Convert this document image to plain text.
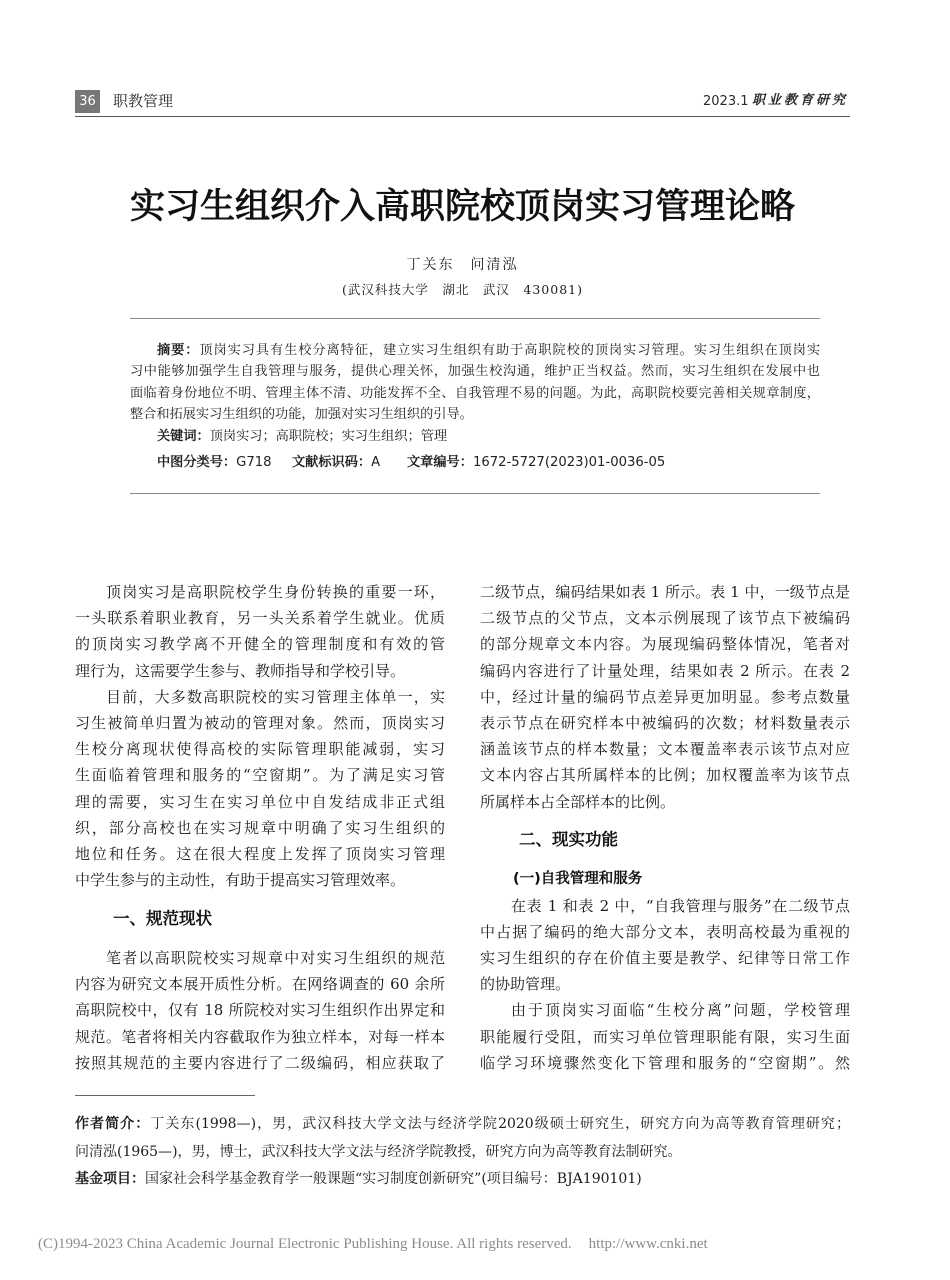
36 职教管理	2023.1 职业教育研究
实习生组织介入高职院校顶岗实习管理论略
丁关东　问清泓
(武汉科技大学　湖北　武汉　430081)
摘要：顶岗实习具有生校分离特征，建立实习生组织有助于高职院校的顶岗实习管理。实习生组织在顶岗实
习中能够加强学生自我管理与服务，提供心理关怀，加强生校沟通，维护正当权益。然而，实习生组织在发展中也
面临着身份地位不明、管理主体不清、功能发挥不全、自我管理不易的问题。为此，高职院校要完善相关规章制度，
整合和拓展实习生组织的功能，加强对实习生组织的引导。
关键词：顶岗实习；高职院校；实习生组织；管理
中图分类号：G718 文献标识码：A 文章编号：1672-5727(2023)01-0036-05
顶岗实习是高职院校学生身份转换的重要一环，
一头联系着职业教育，另一头关系着学生就业。优质
的顶岗实习教学离不开健全的管理制度和有效的管
理行为，这需要学生参与、教师指导和学校引导。
目前，大多数高职院校的实习管理主体单一，实
习生被简单归置为被动的管理对象。然而，顶岗实习
生校分离现状使得高校的实际管理职能减弱，实习
生面临着管理和服务的“空窗期”。为了满足实习管
理的需要，实习生在实习单位中自发结成非正式组
织，部分高校也在实习规章中明确了实习生组织的
地位和任务。这在很大程度上发挥了顶岗实习管理
中学生参与的主动性，有助于提高实习管理效率。
一、规范现状
笔者以高职院校实习规章中对实习生组织的规范
内容为研究文本展开质性分析。在网络调查的 60 余所
高职院校中，仅有 18 所院校对实习生组织作出界定和
规范。笔者将相关内容截取作为独立样本，对每一样本
按照其规范的主要内容进行了二级编码，相应获取了
二级节点，编码结果如表 1 所示。表 1 中，一级节点是
二级节点的父节点，文本示例展现了该节点下被编码
的部分规章文本内容。为展现编码整体情况，笔者对
编码内容进行了计量处理，结果如表 2 所示。在表 2
中，经过计量的编码节点差异更加明显。参考点数量
表示节点在研究样本中被编码的次数；材料数量表示
涵盖该节点的样本数量；文本覆盖率表示该节点对应
文本内容占其所属样本的比例；加权覆盖率为该节点
所属样本占全部样本的比例。
二、现实功能
(一)自我管理和服务
在表 1 和表 2 中，“自我管理与服务”在二级节点
中占据了编码的绝大部分文本，表明高校最为重视的
实习生组织的存在价值主要是教学、纪律等日常工作
的协助管理。
由于顶岗实习面临“生校分离”问题，学校管理
职能履行受阻，而实习单位管理职能有限，实习生面
临学习环境骤然变化下管理和服务的“空窗期”。然
作者简介：丁关东(1998—)，男，武汉科技大学文法与经济学院2020级硕士研究生，研究方向为高等教育管理研究；
问清泓(1965—)，男，博士，武汉科技大学文法与经济学院教授，研究方向为高等教育法制研究。
基金项目：国家社会科学基金教育学一般课题“实习制度创新研究”(项目编号：BJA190101)
(C)1994-2023 China Academic Journal Electronic Publishing House. All rights reserved. http://www.cnki.net
